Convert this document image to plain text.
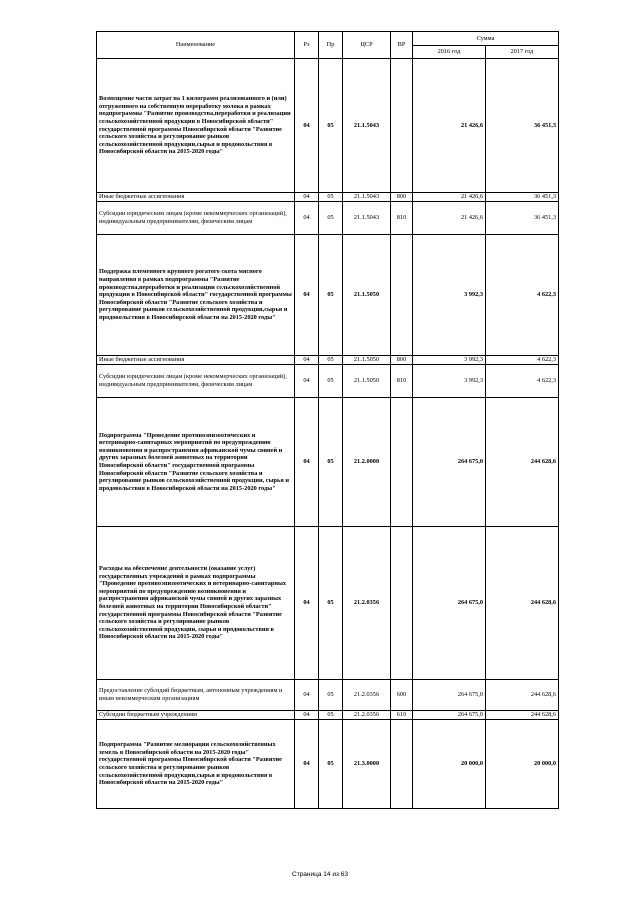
Наименование	Рз	Пр	ЦСР	ВР	Сумма	
					2016 год	2017 год
Возмещение части затрат на 1 килограмм реализованного и (или) отгруженного на собственную переработку молока в рамках подпрограммы "Развитие производства,переработки и реализации сельскохозяйственной продукции в Новосибирской области" государственной программы Новосибирской области "Развитие сельского хозяйства и регулирование рынков сельскохозяйственной продукции,сырья и продовольствия в Новосибирской области на 2015-2020 годы"	04	05	21.1.5043		21 426,6	36 451,3
Иные бюджетные ассигнования	04	05	21.1.5043	800	21 426,6	36 451,3
Субсидии юридическим лицам (кроме некоммерческих организаций), индивидуальным предпринимателям, физическим лицам	04	05	21.1.5043	810	21 426,6	36 451,3
Поддержка племенного крупного рогатого скота мясного направления в рамках подпрограммы "Развитие производства,переработки и реализации сельскохозяйственной продукции в Новосибирской области" государственной программы Новосибирской области "Развитие сельского хозяйства и регулирование рынков сельскохозяйственной продукции,сырья и продовольствия в Новосибирской области на 2015-2020 годы"	04	05	21.1.5050		3 992,3	4 622,3
Иные бюджетные ассигнования	04	05	21.1.5050	800	3 992,3	4 622,3
Субсидии юридическим лицам (кроме некоммерческих организаций), индивидуальным предпринимателям, физическим лицам	04	05	21.1.5050	810	3 992,3	4 622,3
Подпрограмма "Проведение противоэпизоотических и ветеринарно-санитарных мероприятий по предупреждению возникновения и распространения африканской чумы свиней и других заразных болезней животных на территории Новосибирской области" государственной программы Новосибирской области "Развитие сельского хозяйства и регулирование рынков сельскохозяйственной продукции, сырья и продовольствия в Новосибирской области на 2015-2020 годы"	04	05	21.2.0000		264 675,0	244 628,6
Расходы на обеспечение деятельности (оказание услуг) государственных учреждений в рамках подпрограммы "Проведение противоэпизоотических и ветеринарно-санитарных мероприятий по предупреждению возникновения и распространения африканской чумы свиней и других заразных болезней животных на территории Новосибирской области" государственной программы Новосибирской области "Развитие сельского хозяйства и регулирование рынков сельскохозяйственной продукции, сырья и продовольствия в Новосибирской области на 2015-2020 годы"	04	05	21.2.0356		264 675,0	244 628,6
Предоставление субсидий бюджетным, автономным учреждениям и иным некоммерческим организациям	04	05	21.2.0356	600	264 675,0	244 628,6
Субсидии бюджетным учреждениям	04	05	21.2.0356	610	264 675,0	244 628,6
Подпрограмма "Развитие мелиорации сельскохозяйственных земель в Новосибирской области на 2015-2020 годы" государственной программы Новосибирской области "Развитие сельского хозяйства и регулирование рынков сельскохозяйственной продукции,сырья и продовольствия в Новосибирской области на 2015-2020 годы"	04	05	21.3.0000		20 000,0	20 000,0
Страница 14 из 63
